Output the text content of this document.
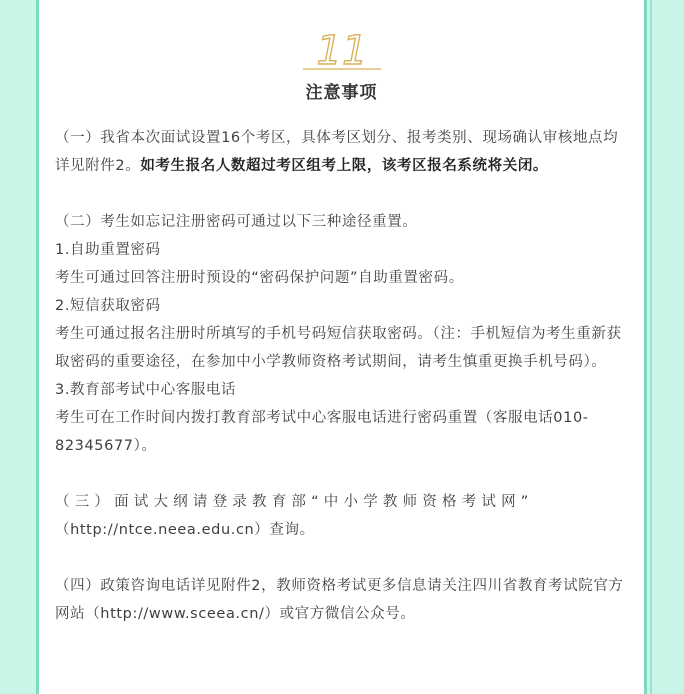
11
注意事项

（一）我省本次面试设置16个考区，具体考区划分、报考类别、现场确认审核地点均详见附件2。如考生报名人数超过考区组考上限，该考区报名系统将关闭。

（二）考生如忘记注册密码可通过以下三种途径重置。

1.自助重置密码

考生可通过回答注册时预设的“密码保护问题”自助重置密码。

2.短信获取密码

考生可通过报名注册时所填写的手机号码短信获取密码。（注：手机短信为考生重新获取密码的重要途径，在参加中小学教师资格考试期间，请考生慎重更换手机号码）。

3.教育部考试中心客服电话

考生可在工作时间内拨打教育部考试中心客服电话进行密码重置（客服电话010-82345677）。

（三）面试大纲请登录教育部“中小学教师资格考试网”

（http://ntce.neea.edu.cn）查询。

（四）政策咨询电话详见附件2，教师资格考试更多信息请关注四川省教育考试院官方网站（http://www.sceea.cn/）或官方微信公众号。
